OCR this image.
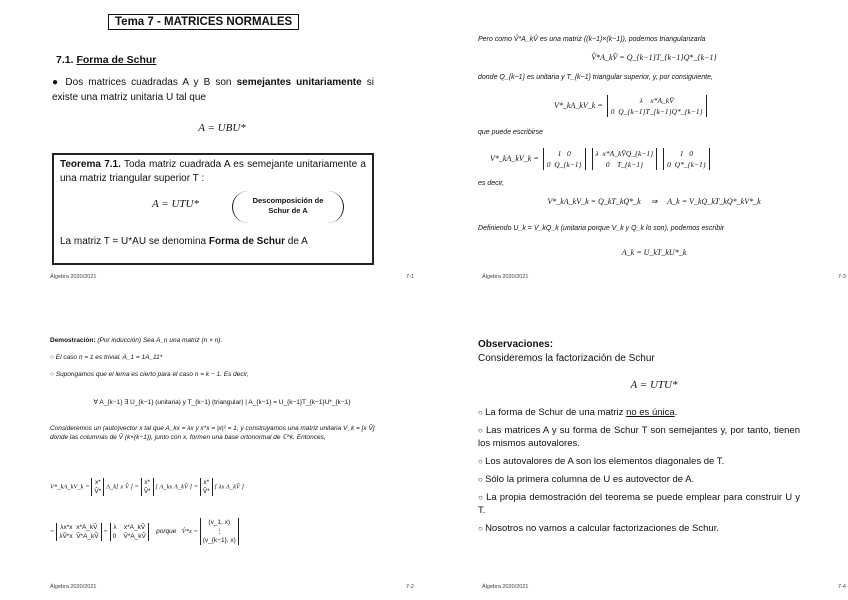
Tema 7 - MATRICES NORMALES
7.1. Forma de Schur
● Dos matrices cuadradas A y B son semejantes unitariamente si existe una matriz unitaria U tal que
A = UBU*
Teorema 7.1. Toda matriz cuadrada A es semejante unitariamente a una matriz triangular superior T :
A = UTU*	Descomposición de
Schur de A
La matriz T = U*AU se denomina Forma de Schur de A
Álgebra 2020/2021	7-1
Pero como V̂*A_kV̂ es una matriz ((k−1)×(k−1)), podemos triangularizarla
V̂*A_kV̂ = Q_{k−1}T_{k−1}Q*_{k−1}
donde Q_{k−1} es unitaria y T_{k−1} triangular superior, y, por consiguiente,
V*_kA_kV_k = λ x*A_kV̂
0 Q_{k−1}T_{k−1}Q*_{k−1}
que puede escribirse
V*_kA_kV_k = 1 0
0 Q_{k−1} λ x*A_kV̂Q_{k−1}
0 T_{k−1} 1 0
0 Q*_{k−1}
es decir,
V*_kA_kV_k = Q_kT_kQ*_k     ⇒     A_k = V_kQ_kT_kQ*_kV*_k
Definiendo U_k = V_kQ_k (unitaria porque V_k y Q_k lo son), podemos escribir
A_k = U_kT_kU*_k
Álgebra 2020/2021	7-3
Demostración: (Por inducción) Sea A_n una matriz (n × n).
○ El caso n = 1 es trivial. A_1 = 1A_11*
○ Supongamos que el lema es cierto para el caso n = k − 1. Es decir,
∀ A_{k−1} ∃ U_{k−1} (unitaria) y T_{k−1} (triangular) | A_{k−1} = U_{k−1}T_{k−1}U*_{k−1}
Consideremos un (auto)vector x tal que A_kx = λx y x*x = |x|² = 1, y construyamos una matriz unitaria V_k = [x V̂] donde las columnas de V̂ (k×(k−1)), junto con x, formen una base ortonormal de ℂ^k. Entonces,
V*_kA_kV_k = x*
V̂* A_k[ x V̂ ] = x*
V̂* [ A_kx A_kV̂ ] = x*
V̂* [ λx A_kV̂ ]
= λx*x x*A_kV̂
λV̂*x V̂*A_kV̂ = λ x*A_kV̂
0 V̂*A_kV̂    porque V̂*x = (v_1, x)
⋮
(v_{k−1}, x)
Álgebra 2020/2021	7-2
Observaciones:
Consideremos la factorización de Schur
A = UTU*
○ La forma de Schur de una matriz no es única.
○ Las matrices A y su forma de Schur T son semejantes y, por tanto, tienen los mismos autovalores.
○ Los autovalores de A son los elementos diagonales de T.
○ Sólo la primera columna de U es autovector de A.
○ La propia demostración del teorema se puede emplear para construir U y T.
○ Nosotros no vamos a calcular factorizaciones de Schur.
Álgebra 2020/2021	7-4
